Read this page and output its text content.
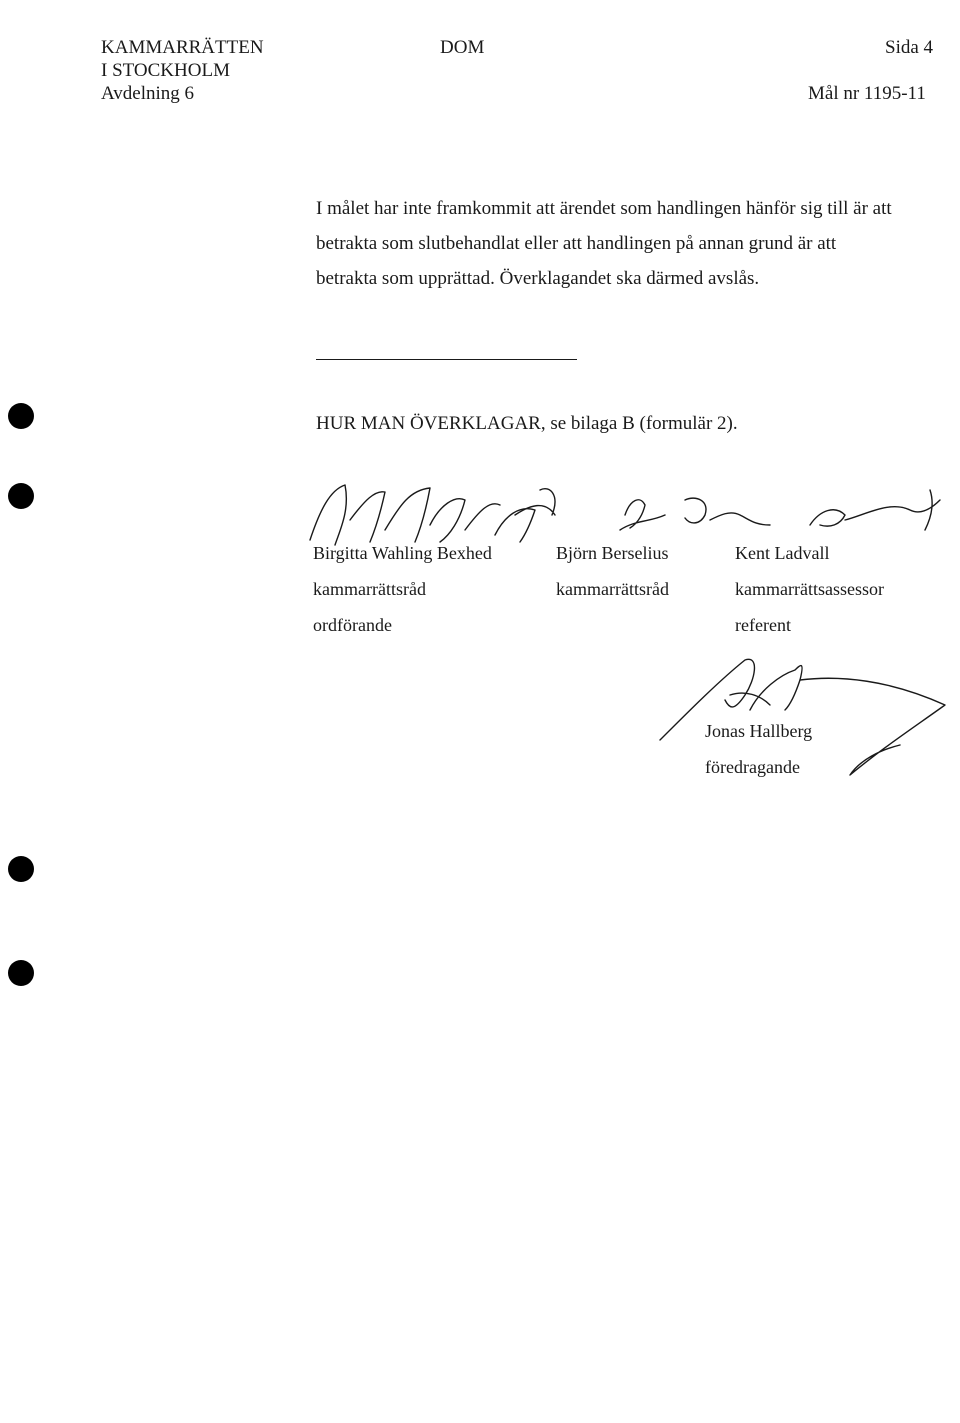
KAMMARRÄTTEN
I STOCKHOLM
Avdelning 6
DOM	Sida 4
Mål nr 1195-11
I målet har inte framkommit att ärendet som handlingen hänför sig till är att
betrakta som slutbehandlat eller att handlingen på annan grund är att
betrakta som upprättad. Överklagandet ska därmed avslås.
HUR MAN ÖVERKLAGAR, se bilaga B (formulär 2).
Birgitta Wahling Bexhed
kammarrättsråd
ordförande
Björn Berselius
kammarrättsråd
Kent Ladvall
kammarrättsassessor
referent
Jonas Hallberg
föredragande
